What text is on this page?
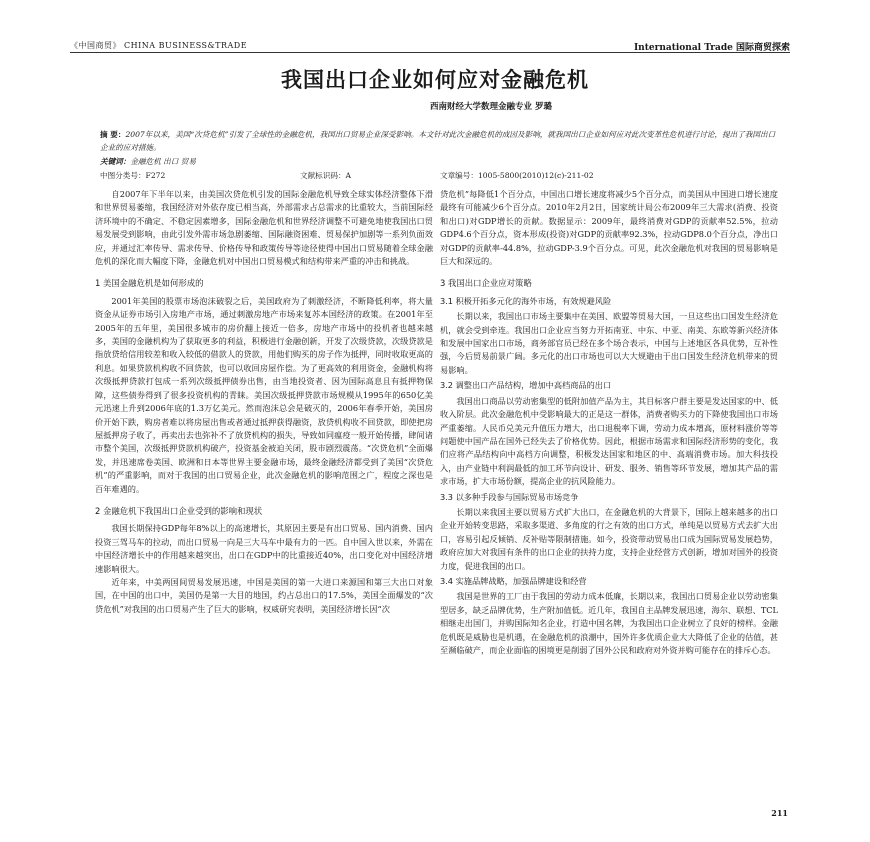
《中国商贸》 CHINA BUSINESS&TRADE	International Trade 国际商贸探索
我国出口企业如何应对金融危机
西南财经大学数理金融专业 罗璐
摘 要：2007年以来，美国“次贷危机”引发了全球性的金融危机，我国出口贸易企业深受影响。本文针对此次金融危机的成因及影响，就我国出口企业如何应对此次变革性危机进行讨论，提出了我国出口企业的应对措施。
关键词：金融危机 出口 贸易
中图分类号：F272	文献标识码：A	文章编号：1005-5800(2010)12(c)-211-02

自2007年下半年以来，由美国次贷危机引发的国际金融危机导致全球实体经济整体下滑和世界贸易萎缩，我国经济对外依存度已相当高，外部需求占总需求的比重较大，当前国际经济环境中的不确定、不稳定因素增多，国际金融危机和世界经济调整不可避免地使我国出口贸易发展受到影响，由此引发外需市场急剧萎缩、国际融资困难、贸易保护加剧等一系列负面效应，并通过汇率传导、需求传导、价格传导和政策传导等途径使得中国出口贸易随着全球金融危机的深化而大幅度下降，金融危机对中国出口贸易模式和结构带来严重的冲击和挑战。

1 美国金融危机是如何形成的

2001年美国的股票市场泡沫破裂之后，美国政府为了刺激经济，不断降低利率，将大量资金从证券市场引入房地产市场，通过刺激房地产市场来复苏本国经济的政策。在2001年至2005年的五年里，美国很多城市的房价翻上接近一倍多，房地产市场中的投机者也越来越多，美国的金融机构为了获取更多的利益，积极进行金融创新，开发了次级贷款，次级贷款是指放贷给信用较差和收入较低的借款人的贷款，用他们购买的房子作为抵押，同时收取更高的利息。如果贷款机构收不回贷款，也可以收回房屋作偿。为了更高效的利用资金，金融机构将次级抵押贷款打包成一系列次级抵押债券出售，由当地投资者、因为国际高息且有抵押物保障，这些债券得到了很多投资机构的青睐。美国次级抵押贷款市场规模从1995年的650亿美元迅速上升到2006年底的1.3万亿美元。然而泡沫总会是破灭的，2006年春季开始，美国房价开始下跌，购房者难以将房屋出售或者通过抵押获得融资，放贷机构收不回贷款，即使把房屋抵押房子收了，再卖出去也弥补不了放贷机构的损失，导致如同瘟疫一般开始传播，肆间诸市整个美国，次级抵押贷款机构破产，投资基金被迫关闭，股市剧烈震荡。“次贷危机”全面爆发，并迅速席卷美国、欧洲和日本等世界主要金融市场，最终金融经济都受到了美国“次贷危机”的严重影响，而对于我国的出口贸易企业，此次金融危机的影响范围之广，程度之深也是百年难遇的。

2 金融危机下我国出口企业受到的影响和现状

我国长期保持GDP每年8%以上的高速增长，其原因主要是有出口贸易、国内消费、国内投资三驾马车的拉动，而出口贸易一向是三大马车中最有力的一匹。自中国入世以来，外需在中国经济增长中的作用越来越突出，出口在GDP中的比重接近40%，出口变化对中国经济增速影响很大。

近年来，中美两国间贸易发展迅速，中国是美国的第一大进口来源国和第三大出口对象国，在中国的出口中，美国仍是第一大目的地国，约占总出口的17.5%，美国全面爆发的“次贷危机”对我国的出口贸易产生了巨大的影响，权威研究表明，美国经济增长因“次

贷危机”每降低1个百分点，中国出口增长速度将减少5个百分点，而美国从中国进口增长速度最终有可能减少6个百分点。2010年2月2日，国家统计局公布2009年三大需求(消费、投资和出口)对GDP增长的贡献。数据显示：2009年，最终消费对GDP的贡献率52.5%，拉动GDP4.6个百分点，资本形成(投资)对GDP的贡献率92.3%，拉动GDP8.0个百分点，净出口对GDP的贡献率-44.8%，拉动GDP-3.9个百分点。可见，此次金融危机对我国的贸易影响是巨大和深远的。

3 我国出口企业应对策略
3.1 积极开拓多元化的海外市场，有效规避风险

长期以来，我国出口市场主要集中在美国、欧盟等贸易大国，一旦这些出口国发生经济危机，就会受到牵连。我国出口企业应当努力开拓南亚、中东、中亚、南美、东欧等新兴经济体和发展中国家出口市场，商务部官员已经在多个场合表示，中国与上述地区各具优势，互补性强，今后贸易前景广阔。多元化的出口市场也可以大大规避由于出口国发生经济危机带来的贸易影响。

3.2 调整出口产品结构，增加中高档商品的出口

我国出口商品以劳动密集型的低附加值产品为主，其目标客户群主要是发达国家的中、低收入阶层。此次金融危机中受影响最大的正是这一群体，消费者购买力的下降使我国出口市场严重萎缩。人民币兑美元升值压力增大，出口退税率下调，劳动力成本增高，原材料涨价等等问题使中国产品在国外已经失去了价格优势。因此，根据市场需求和国际经济形势的变化，我们应将产品结构向中高档方向调整，积极发达国家和地区的中、高端消费市场。加大科技投入，由产业链中利润最低的加工环节向设计、研发、服务、销售等环节发展，增加其产品的需求市场，扩大市场份额，提高企业的抗风险能力。

3.3 以多种手段参与国际贸易市场竞争

长期以来我国主要以贸易方式扩大出口，在金融危机的大背景下，国际上越来越多的出口企业开始转变思路，采取多渠道、多角度的行之有效的出口方式，单纯是以贸易方式去扩大出口，容易引起反倾销、反补贴等限制措施。如今，投资带动贸易出口成为国际贸易发展趋势，政府应加大对我国有条件的出口企业的扶持力度，支持企业经营方式创新，增加对国外的投资力度，促进我国的出口。

3.4 实施品牌战略，加强品牌建设和经营

我国是世界的工厂由于我国的劳动力成本低廉，长期以来，我国出口贸易企业以劳动密集型居多，缺乏品牌优势，生产附加值低。近几年，我国自主品牌发展迅速，海尔、联想、TCL相继走出国门，并购国际知名企业，打造中国名牌，为我国出口企业树立了良好的榜样。金融危机既是威胁也是机遇，在金融危机的浪潮中，国外许多优质企业大大降低了企业的估值，甚至濒临破产，而企业面临的困境更是削弱了国外公民和政府对外资并购可能存在的排斥心态。

211
